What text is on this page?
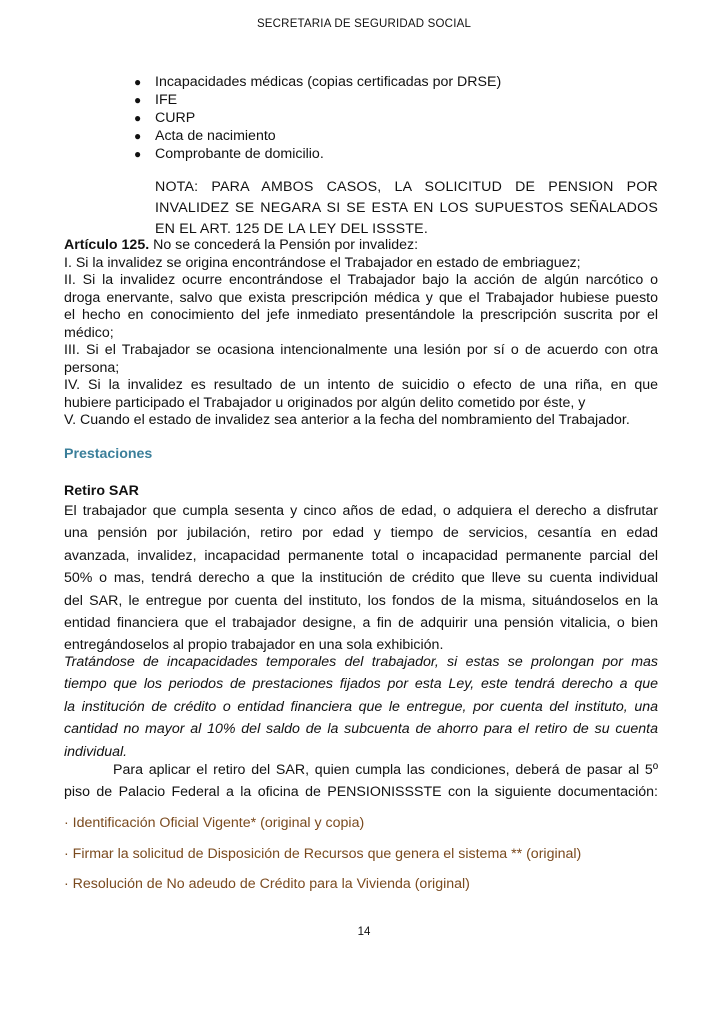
SECRETARIA DE SEGURIDAD SOCIAL
● Incapacidades médicas (copias certificadas por DRSE)
● IFE
● CURP
● Acta de nacimiento
● Comprobante de domicilio.
NOTA: PARA AMBOS CASOS, LA SOLICITUD DE PENSION POR
INVALIDEZ SE NEGARA SI SE ESTA EN LOS SUPUESTOS SEÑALADOS
EN EL ART. 125 DE LA LEY DEL ISSSTE.
Artículo 125. No se concederá la Pensión por invalidez:
I. Si la invalidez se origina encontrándose el Trabajador en estado de embriaguez;
II. Si la invalidez ocurre encontrándose el Trabajador bajo la acción de algún narcótico o
droga enervante, salvo que exista prescripción médica y que el Trabajador hubiese puesto
el hecho en conocimiento del jefe inmediato presentándole la prescripción suscrita por el
médico;
III. Si el Trabajador se ocasiona intencionalmente una lesión por sí o de acuerdo con otra
persona;
IV. Si la invalidez es resultado de un intento de suicidio o efecto de una riña, en que
hubiere participado el Trabajador u originados por algún delito cometido por éste, y
V. Cuando el estado de invalidez sea anterior a la fecha del nombramiento del Trabajador.
Prestaciones
Retiro SAR
El trabajador que cumpla sesenta y cinco años de edad, o adquiera el derecho a disfrutar
una pensión por jubilación, retiro por edad y tiempo de servicios, cesantía en edad
avanzada, invalidez, incapacidad permanente total o incapacidad permanente parcial del
50% o mas, tendrá derecho a que la institución de crédito que lleve su cuenta individual
del SAR, le entregue por cuenta del instituto, los fondos de la misma, situándoselos en la
entidad financiera que el trabajador designe, a fin de adquirir una pensión vitalicia, o bien
entregándoselos al propio trabajador en una sola exhibición.
Tratándose de incapacidades temporales del trabajador, si estas se prolongan por mas
tiempo que los periodos de prestaciones fijados por esta Ley, este tendrá derecho a que
la institución de crédito o entidad financiera que le entregue, por cuenta del instituto, una
cantidad no mayor al 10% del saldo de la subcuenta de ahorro para el retiro de su cuenta
individual.
Para aplicar el retiro del SAR, quien cumpla las condiciones, deberá de pasar al 5º
piso de Palacio Federal a la oficina de PENSIONISSSTE con la siguiente documentación:
· Identificación Oficial Vigente* (original y copia)
· Firmar la solicitud de Disposición de Recursos que genera el sistema ** (original)
· Resolución de No adeudo de Crédito para la Vivienda (original)
14
